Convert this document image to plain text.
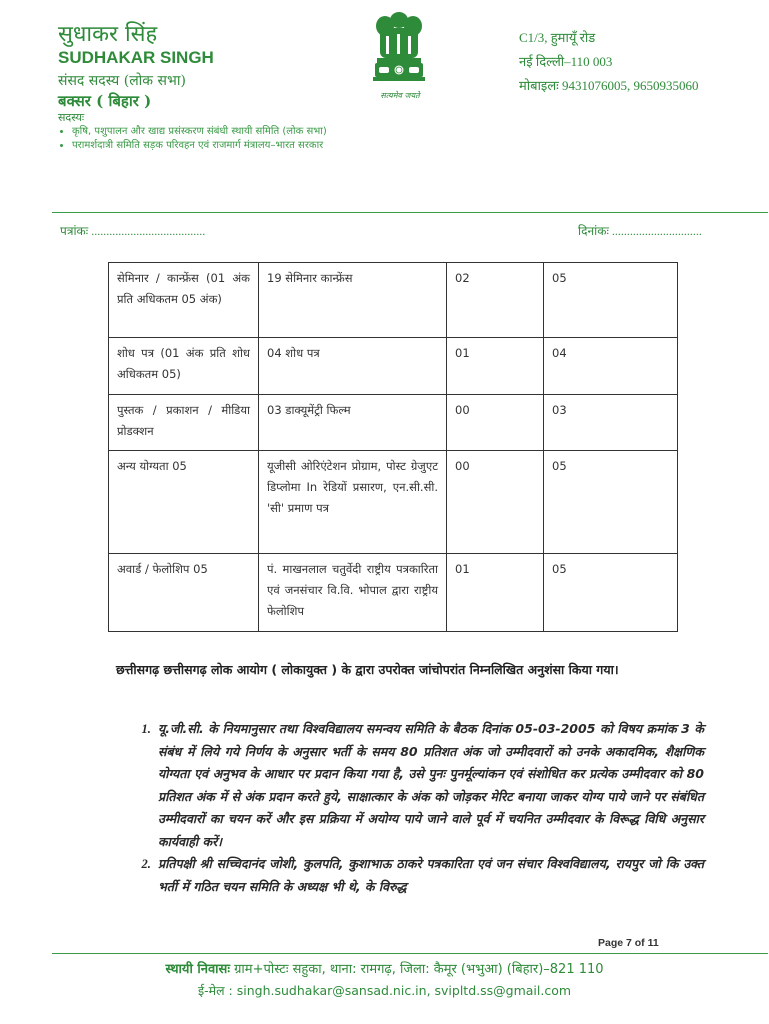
सुधाकर सिंह
SUDHAKAR SINGH
संसद सदस्य (लोक सभा)
बक्सर ( बिहार )
सदस्यः
• कृषि, पशुपालन और खाद्य प्रसंस्करण संबंधी स्थायी समिति (लोक सभा)
• परामर्शदात्री समिति सड़क परिवहन एवं राजमार्ग मंत्रालय–भारत सरकार
सत्यमेव जयते
C1/3, हुमायूँ रोड
नई दिल्ली–110 003
मोबाइलः 9431076005, 9650935060
पत्रांकः ......................................	दिनांकः ..............................
सेमिनार / कान्फ्रेंस (01 अंक प्रति अधिकतम 05 अंक)	19 सेमिनार कान्फ्रेंस	02	05
शोध पत्र (01 अंक प्रति शोध अधिकतम 05)	04 शोध पत्र	01	04
पुस्तक / प्रकाशन / मीडिया प्रोडक्शन	03 डाक्यूमेंट्री फिल्म	00	03
अन्य योग्यता 05	यूजीसी ओरिएंटेशन प्रोग्राम, पोस्ट ग्रेजुएट डिप्लोमा In रेडियों प्रसारण, एन.सी.सी. 'सी' प्रमाण पत्र	00	05
अवार्ड / फेलोशिप 05	पं. माखनलाल चतुर्वेदी राष्ट्रीय पत्रकारिता एवं जनसंचार वि.वि. भोपाल द्वारा राष्ट्रीय फेलोशिप	01	05
छत्तीसगढ़ छत्तीसगढ़ लोक आयोग ( लोकायुक्त ) के द्वारा उपरोक्त जांचोपरांत निम्नलिखित अनुशंसा किया गया।
1. यू.जी.सी. के नियमानुसार तथा विश्वविद्यालय समन्वय समिति के बैठक दिनांक 05-03-2005 को विषय क्रमांक 3 के संबंध में लिये गये निर्णय के अनुसार भर्ती के समय 80 प्रतिशत अंक जो उम्मीदवारों को उनके अकादमिक, शैक्षणिक योग्यता एवं अनुभव के आधार पर प्रदान किया गया है, उसे पुनः पुनर्मूल्यांकन एवं संशोधित कर प्रत्येक उम्मीदवार को 80 प्रतिशत अंक में से अंक प्रदान करते हुये, साक्षात्कार के अंक को जोड़कर मेरिट बनाया जाकर योग्य पाये जाने पर संबंधित उम्मीदवारों का चयन करें और इस प्रक्रिया में अयोग्य पाये जाने वाले पूर्व में चयनित उम्मीदवार के विरूद्ध विधि अनुसार कार्यवाही करें।
2. प्रतिपक्षी श्री सच्चिदानंद जोशी, कुलपति, कुशाभाऊ ठाकरे पत्रकारिता एवं जन संचार विश्वविद्यालय, रायपुर जो कि उक्त भर्ती में गठित चयन समिति के अध्यक्ष भी थे, के विरुद्ध
Page 7 of 11
स्थायी निवासः ग्राम+पोस्टः सहुका, थाना: रामगढ़, जिला: कैमूर (भभुआ) (बिहार)–821 110
ई-मेल : singh.sudhakar@sansad.nic.in, svipltd.ss@gmail.com
